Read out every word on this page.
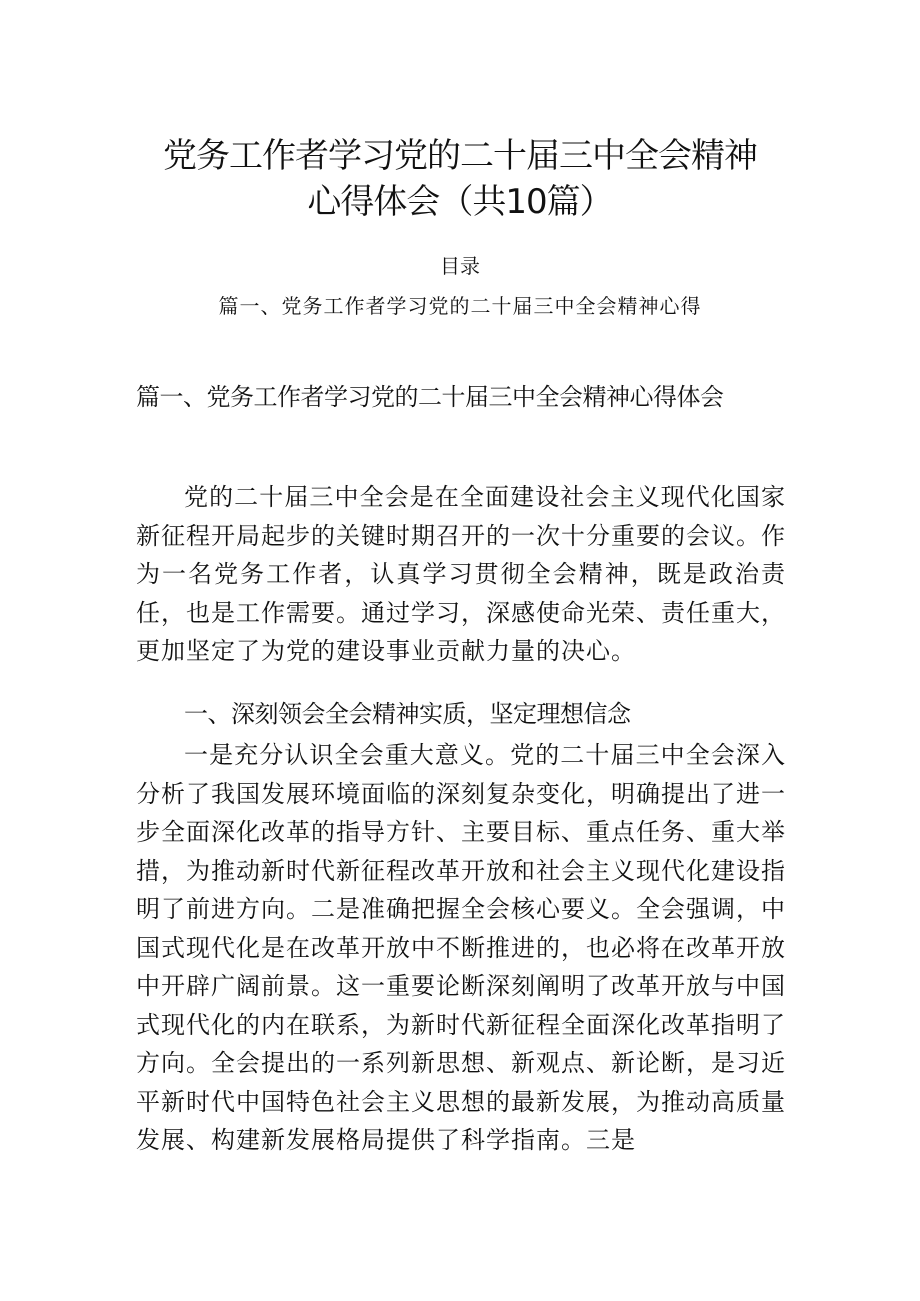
党务工作者学习党的二十届三中全会精神
心得体会（共10篇）
目录
篇一、党务工作者学习党的二十届三中全会精神心得
篇一、党务工作者学习党的二十届三中全会精神心得体会

党的二十届三中全会是在全面建设社会主义现代化国家新征程开局起步的关键时期召开的一次十分重要的会议。作为一名党务工作者，认真学习贯彻全会精神，既是政治责任，也是工作需要。通过学习，深感使命光荣、责任重大，更加坚定了为党的建设事业贡献力量的决心。

一、深刻领会全会精神实质，坚定理想信念

一是充分认识全会重大意义。党的二十届三中全会深入分析了我国发展环境面临的深刻复杂变化，明确提出了进一步全面深化改革的指导方针、主要目标、重点任务、重大举措，为推动新时代新征程改革开放和社会主义现代化建设指明了前进方向。二是准确把握全会核心要义。全会强调，中国式现代化是在改革开放中不断推进的，也必将在改革开放中开辟广阔前景。这一重要论断深刻阐明了改革开放与中国式现代化的内在联系，为新时代新征程全面深化改革指明了方向。全会提出的一系列新思想、新观点、新论断，是习近平新时代中国特色社会主义思想的最新发展，为推动高质量发展、构建新发展格局提供了科学指南。三是
